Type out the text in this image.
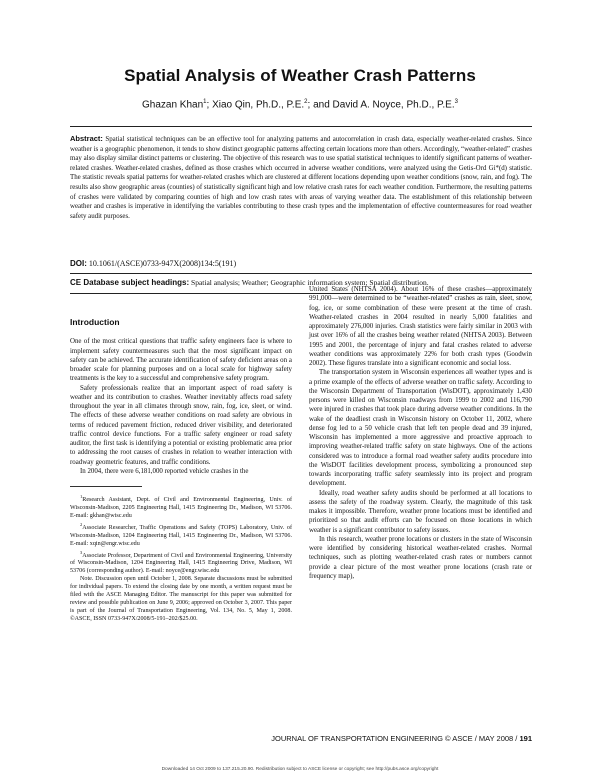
Spatial Analysis of Weather Crash Patterns
Ghazan Khan$^1$; Xiao Qin, Ph.D., P.E.$^2$; and David A. Noyce, Ph.D., P.E.$^3$
Abstract: Spatial statistical techniques can be an effective tool for analyzing patterns and autocorrelation in crash data, especially weather-related crashes. Since weather is a geographic phenomenon, it tends to show distinct geographic patterns affecting certain locations more than others. Accordingly, “weather-related” crashes may also display similar distinct patterns or clustering. The objective of this research was to use spatial statistical techniques to identify significant patterns of weather-related crashes. Weather-related crashes, defined as those crashes which occurred in adverse weather conditions, were analyzed using the Getis-Ord Gi*(d) statistic. The statistic reveals spatial patterns for weather-related crashes which are clustered at different locations depending upon weather conditions (snow, rain, and fog). The results also show geographic areas (counties) of statistically significant high and low relative crash rates for each weather condition. Furthermore, the resulting patterns of crashes were validated by comparing counties of high and low crash rates with areas of varying weather data. The establishment of this relationship between weather and crashes is imperative in identifying the variables contributing to these crash types and the implementation of effective countermeasures for road weather safety audit purposes.
DOI: 10.1061/(ASCE)0733-947X(2008)134:5(191)
CE Database subject headings: Spatial analysis; Weather; Geographic information system; Spatial distribution.
Introduction

One of the most critical questions that traffic safety engineers face is where to implement safety countermeasures such that the most significant impact on safety can be achieved. The accurate identification of safety deficient areas on a broader scale for planning purposes and on a local scale for highway safety treatments is the key to a successful and comprehensive safety program.

Safety professionals realize that an important aspect of road safety is weather and its contribution to crashes. Weather inevitably affects road safety throughout the year in all climates through snow, rain, fog, ice, sleet, or wind. The effects of these adverse weather conditions on road safety are obvious in terms of reduced pavement friction, reduced driver visibility, and deteriorated traffic control device functions. For a traffic safety engineer or road safety auditor, the first task is identifying a potential or existing problematic area prior to addressing the root causes of crashes in relation to weather interaction with roadway geometric features, and traffic conditions.

In 2004, there were 6,181,000 reported vehicle crashes in the

$^1$Research Assistant, Dept. of Civil and Environmental Engineering, Univ. of Wisconsin-Madison, 2205 Engineering Hall, 1415 Engineering Dr., Madison, WI 53706. E-mail: gkhan@wisc.edu

$^2$Associate Researcher, Traffic Operations and Safety (TOPS) Laboratory, Univ. of Wisconsin-Madison, 1204 Engineering Hall, 1415 Engineering Dr., Madison, WI 53706. E-mail: xqin@engr.wisc.edu

$^3$Associate Professor, Department of Civil and Environmental Engineering, University of Wisconsin-Madison, 1204 Engineering Hall, 1415 Engineering Drive, Madison, WI 53706 (corresponding author). E-mail: noyce@engr.wisc.edu

Note. Discussion open until October 1, 2008. Separate discussions must be submitted for individual papers. To extend the closing date by one month, a written request must be filed with the ASCE Managing Editor. The manuscript for this paper was submitted for review and possible publication on June 9, 2006; approved on October 3, 2007. This paper is part of the Journal of Transportation Engineering, Vol. 134, No. 5, May 1, 2008. ©ASCE, ISSN 0733-947X/2008/5-191–202/$25.00.

United States (NHTSA 2004). About 16% of these crashes—approximately 991,000—were determined to be “weather-related” crashes as rain, sleet, snow, fog, ice, or some combination of these were present at the time of crash. Weather-related crashes in 2004 resulted in nearly 5,000 fatalities and approximately 276,000 injuries. Crash statistics were fairly similar in 2003 with just over 16% of all the crashes being weather related (NHTSA 2003). Between 1995 and 2001, the percentage of injury and fatal crashes related to adverse weather conditions was approximately 22% for both crash types (Goodwin 2002). These figures translate into a significant economic and social loss.

The transportation system in Wisconsin experiences all weather types and is a prime example of the effects of adverse weather on traffic safety. According to the Wisconsin Department of Transportation (WisDOT), approximately 1,430 persons were killed on Wisconsin roadways from 1999 to 2002 and 116,790 were injured in crashes that took place during adverse weather conditions. In the wake of the deadliest crash in Wisconsin history on October 11, 2002, where dense fog led to a 50 vehicle crash that left ten people dead and 39 injured, Wisconsin has implemented a more aggressive and proactive approach to improving weather-related traffic safety on state highways. One of the actions considered was to introduce a formal road weather safety audits procedure into the WisDOT facilities development process, symbolizing a pronounced step towards incorporating traffic safety seamlessly into its project and program development.

Ideally, road weather safety audits should be performed at all locations to assess the safety of the roadway system. Clearly, the magnitude of this task makes it impossible. Therefore, weather prone locations must be identified and prioritized so that audit efforts can be focused on those locations in which weather is a significant contributor to safety issues.

In this research, weather prone locations or clusters in the state of Wisconsin were identified by considering historical weather-related crashes. Normal techniques, such as plotting weather-related crash rates or numbers cannot provide a clear picture of the most weather prone locations (crash rate or frequency map),

JOURNAL OF TRANSPORTATION ENGINEERING © ASCE / MAY 2008 / 191
Downloaded 14 Oct 2009 to 137.215.20.90. Redistribution subject to ASCE license or copyright; see http://pubs.asce.org/copyright
